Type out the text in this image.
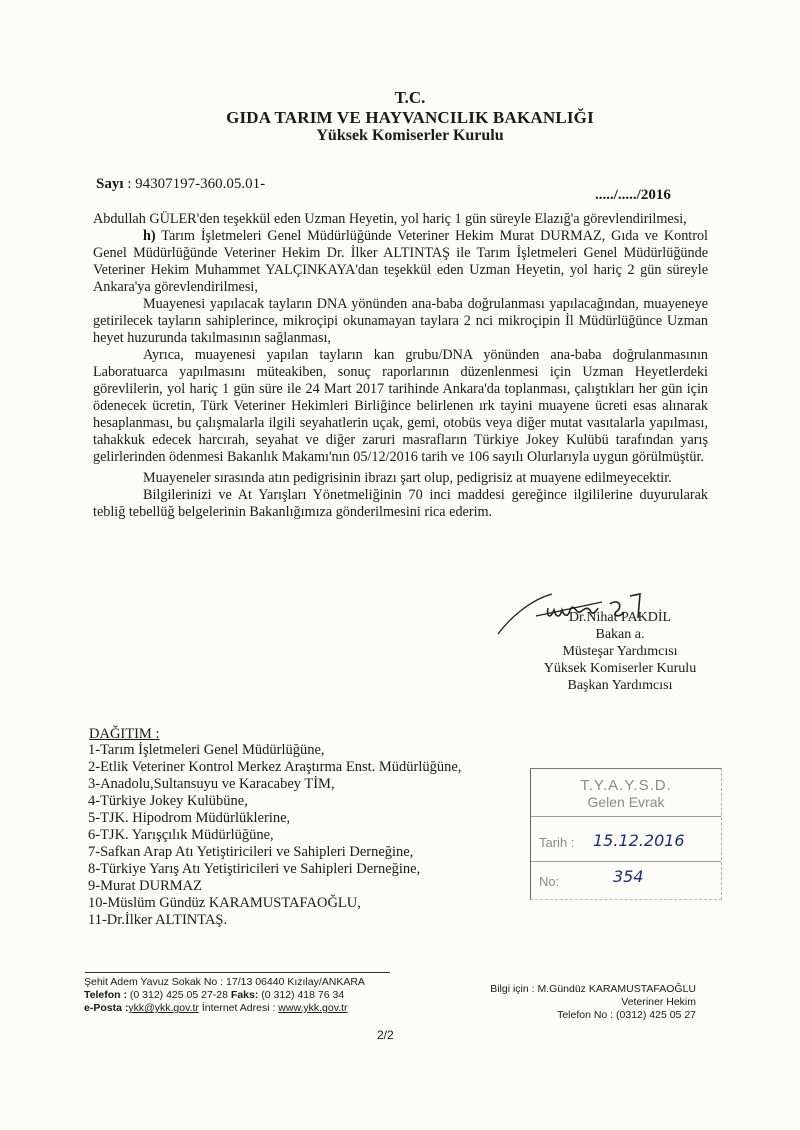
T.C.
GIDA TARIM VE HAYVANCILIK BAKANLIĞI
Yüksek Komiserler Kurulu
Sayı : 94307197-360.05.01-
...../...../2016

Abdullah GÜLER'den teşekkül eden Uzman Heyetin, yol hariç 1 gün süreyle Elazığ'a görevlendirilmesi,

h) Tarım İşletmeleri Genel Müdürlüğünde Veteriner Hekim Murat DURMAZ, Gıda ve Kontrol Genel Müdürlüğünde Veteriner Hekim Dr. İlker ALTINTAŞ ile Tarım İşletmeleri Genel Müdürlüğünde Veteriner Hekim Muhammet YALÇINKAYA'dan teşekkül eden Uzman Heyetin, yol hariç 2 gün süreyle Ankara'ya görevlendirilmesi,

Muayenesi yapılacak tayların DNA yönünden ana-baba doğrulanması yapılacağından, muayeneye getirilecek tayların sahiplerince, mikroçipi okunamayan taylara 2 nci mikroçipin İl Müdürlüğünce Uzman heyet huzurunda takılmasının sağlanması,

Ayrıca, muayenesi yapılan tayların kan grubu/DNA yönünden ana-baba doğrulanmasının Laboratuarca yapılmasını müteakiben, sonuç raporlarının düzenlenmesi için Uzman Heyetlerdeki görevlilerin, yol hariç 1 gün süre ile 24 Mart 2017 tarihinde Ankara'da toplanması, çalıştıkları her gün için ödenecek ücretin, Türk Veteriner Hekimleri Birliğince belirlenen ırk tayini muayene ücreti esas alınarak hesaplanması, bu çalışmalarla ilgili seyahatlerin uçak, gemi, otobüs veya diğer mutat vasıtalarla yapılması, tahakkuk edecek harcırah, seyahat ve diğer zaruri masrafların Türkiye Jokey Kulübü tarafından yarış gelirlerinden ödenmesi Bakanlık Makamı'nın 05/12/2016 tarih ve 106 sayılı Olurlarıyla uygun görülmüştür.

Muayeneler sırasında atın pedigrisinin ibrazı şart olup, pedigrisiz at muayene edilmeyecektir.

Bilgilerinizi ve At Yarışları Yönetmeliğinin 70 inci maddesi gereğince ilgililerine duyurularak tebliğ tebellüğ belgelerinin Bakanlığımıza gönderilmesini rica ederim.

Dr.Nihat PAKDİL
Bakan a.
Müsteşar Yardımcısı
Yüksek Komiserler Kurulu
Başkan Yardımcısı
DAĞITIM :
1-Tarım İşletmeleri Genel Müdürlüğüne,
2-Etlik Veteriner Kontrol Merkez Araştırma Enst. Müdürlüğüne,
3-Anadolu,Sultansuyu ve Karacabey TİM,
4-Türkiye Jokey Kulübüne,
5-TJK. Hipodrom Müdürlüklerine,
6-TJK. Yarışçılık Müdürlüğüne,
7-Safkan Arap Atı Yetiştiricileri ve Sahipleri Derneğine,
8-Türkiye Yarış Atı Yetiştiricileri ve Sahipleri Derneğine,
9-Murat DURMAZ
10-Müslüm Gündüz KARAMUSTAFAOĞLU,
11-Dr.İlker ALTINTAŞ.
T.Y.A.Y.S.D.
Gelen Evrak
Tarih : 15.12.2016
No:	354
Şehit Adem Yavuz Sokak No : 17/13 06440 Kızılay/ANKARA
Telefon : (0 312) 425 05 27-28 Faks: (0 312) 418 76 34
e-Posta :ykk@ykk.gov.tr İnternet Adresi : www.ykk.gov.tr
Bilgi için : M.Gündüz KARAMUSTAFAOĞLU
Veteriner Hekim
Telefon No : (0312) 425 05 27
2/2
